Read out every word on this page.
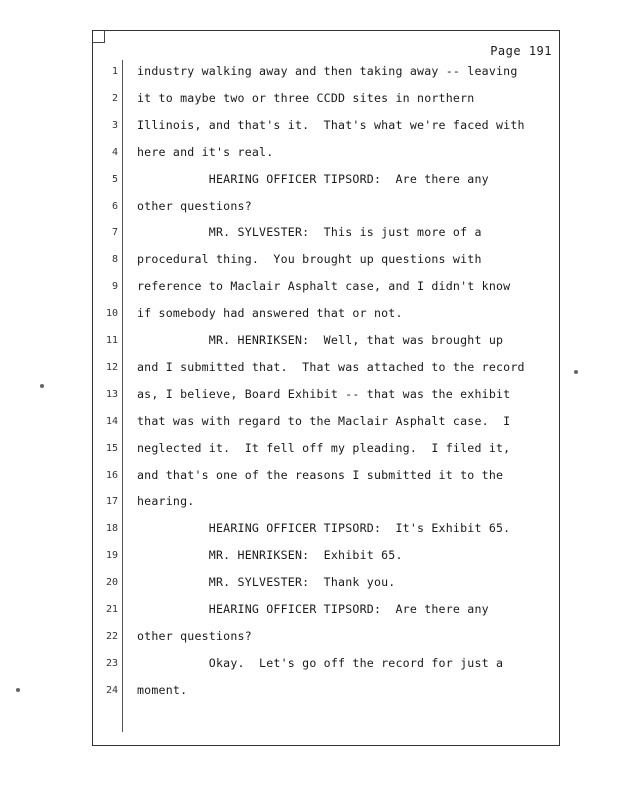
Page 191
1 industry walking away and then taking away -- leaving
2 it to maybe two or three CCDD sites in northern
3 Illinois, and that's it.  That's what we're faced with
4 here and it's real.
5 HEARING OFFICER TIPSORD:  Are there any
6 other questions?
7 MR. SYLVESTER:  This is just more of a
8 procedural thing.  You brought up questions with
9 reference to Maclair Asphalt case, and I didn't know
10 if somebody had answered that or not.
11 MR. HENRIKSEN:  Well, that was brought up
12 and I submitted that.  That was attached to the record
13 as, I believe, Board Exhibit -- that was the exhibit
14 that was with regard to the Maclair Asphalt case.  I
15 neglected it.  It fell off my pleading.  I filed it,
16 and that's one of the reasons I submitted it to the
17 hearing.
18 HEARING OFFICER TIPSORD:  It's Exhibit 65.
19 MR. HENRIKSEN:  Exhibit 65.
20 MR. SYLVESTER:  Thank you.
21 HEARING OFFICER TIPSORD:  Are there any
22 other questions?
23 Okay.  Let's go off the record for just a
24 moment.
